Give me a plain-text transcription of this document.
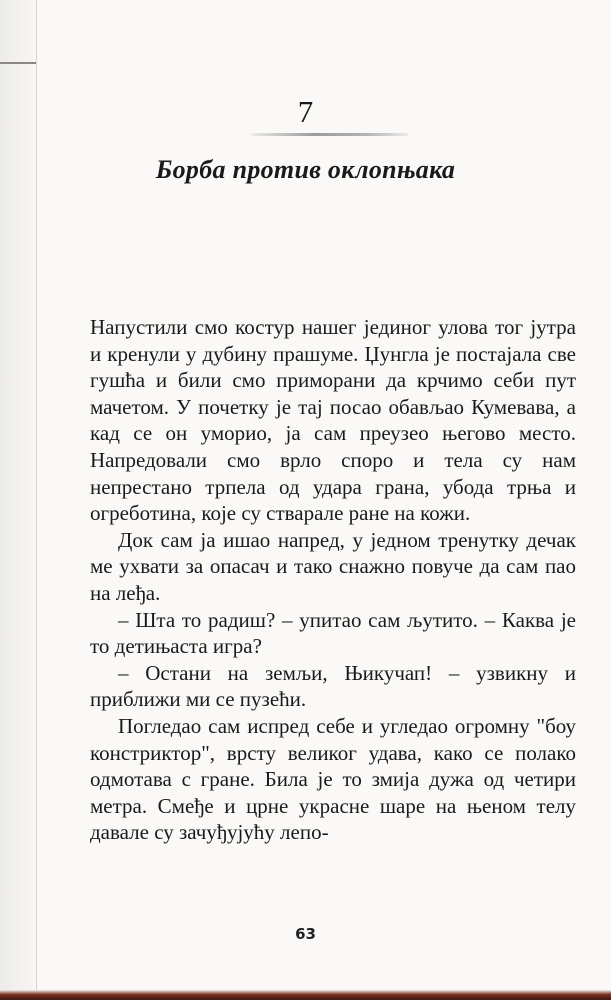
7
Борба против оклопњака

Напустили смо костур нашег јединог улова тог јутра и кренули у дубину прашуме. Џунгла је постајала све гушћа и били смо приморани да крчимо себи пут мачетом. У почетку је тај посао обављао Кумевава, а кад се он уморио, ја сам преузео његово место. Напредовали смо врло споро и тела су нам непрестано трпела од удара грана, убода трња и огреботина, које су стварале ране на кожи.

Док сам ја ишао напред, у једном тренутку дечак ме ухвати за опасач и тако снажно повуче да сам пао на леђа.

– Шта то радиш? – упитао сам љутито. – Каква је то детињаста игра?

– Остани на земљи, Њикучап! – узвикну и приближи ми се пузећи.

Погледао сам испред себе и угледао огромну "боу констриктор", врсту великог удава, како се полако одмотава с гране. Била је то змија дужа од четири метра. Смеђе и црне украсне шаре на њеном телу давале су зачуђујућу лепо-

63
